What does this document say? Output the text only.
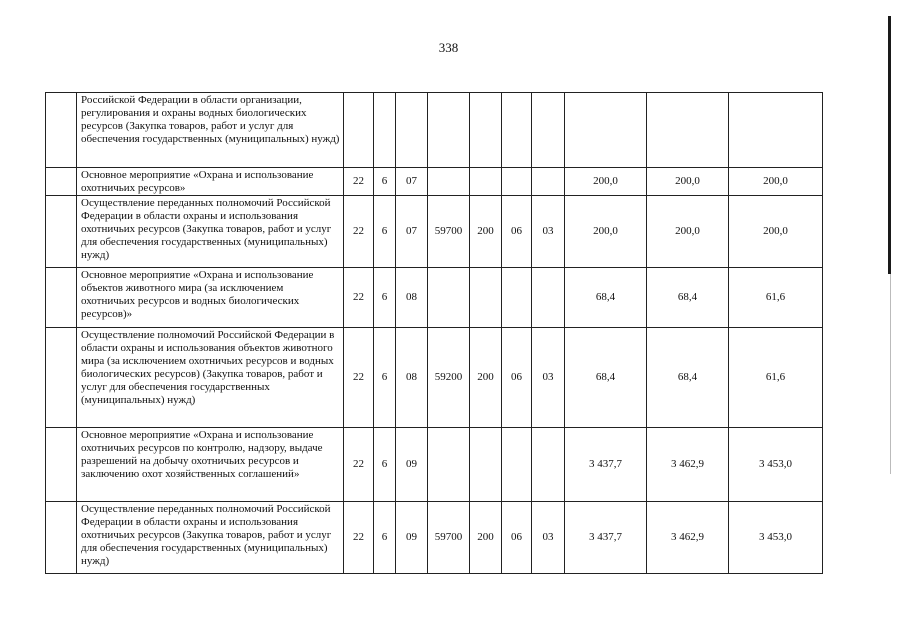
338
	Российской Федерации в области организации, регулирования и охраны водных биологических ресурсов (Закупка товаров, работ и услуг для обеспечения государственных (муниципальных) нужд)										
	Основное мероприятие «Охрана и использование охотничьих ресурсов»	22	6	07					200,0	200,0	200,0
	Осуществление переданных полномочий Российской Федерации в области охраны и использования охотничьих ресурсов (Закупка товаров, работ и услуг для обеспечения государственных (муниципальных) нужд)	22	6	07	59700	200	06	03	200,0	200,0	200,0
	Основное мероприятие «Охрана и использование объектов животного мира (за исключением охотничьих ресурсов и водных биологических ресурсов)»	22	6	08					68,4	68,4	61,6
	Осуществление полномочий Российской Федерации в области охраны и использования объектов животного мира (за исключением охотничьих ресурсов и водных биологических ресурсов) (Закупка товаров, работ и услуг для обеспечения государственных (муниципальных) нужд)	22	6	08	59200	200	06	03	68,4	68,4	61,6
	Основное мероприятие «Охрана и использование охотничьих ресурсов по контролю, надзору, выдаче разрешений на добычу охотничьих ресурсов и заключению охот хозяйственных соглашений»	22	6	09					3 437,7	3 462,9	3 453,0
	Осуществление переданных полномочий Российской Федерации в области охраны и использования охотничьих ресурсов (Закупка товаров, работ и услуг для обеспечения государственных (муниципальных) нужд)	22	6	09	59700	200	06	03	3 437,7	3 462,9	3 453,0
